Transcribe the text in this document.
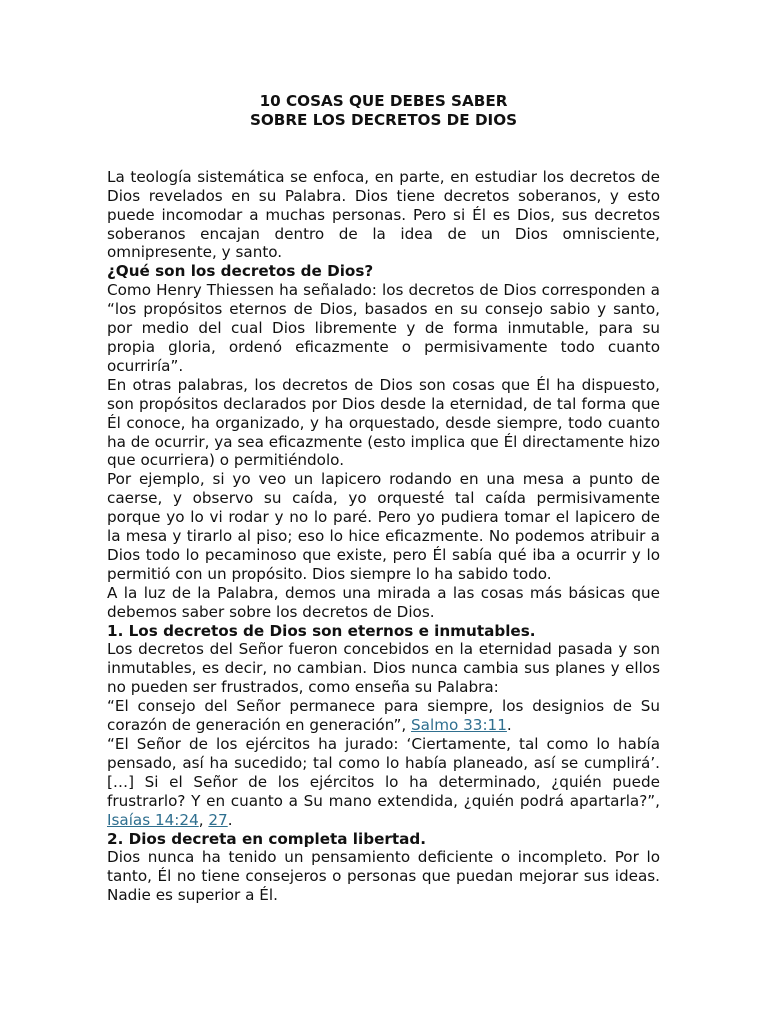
10 COSAS QUE DEBES SABER
SOBRE LOS DECRETOS DE DIOS

La teología sistemática se enfoca, en parte, en estudiar los decretos de Dios revelados en su Palabra. Dios tiene decretos soberanos, y esto puede incomodar a muchas personas. Pero si Él es Dios, sus decretos soberanos encajan dentro de la idea de un Dios omnisciente, omnipresente, y santo.

¿Qué son los decretos de Dios?

Como Henry Thiessen ha señalado: los decretos de Dios corresponden a “los propósitos eternos de Dios, basados en su consejo sabio y santo, por medio del cual Dios libremente y de forma inmutable, para su propia gloria, ordenó eficazmente o permisivamente todo cuanto ocurriría”.

En otras palabras, los decretos de Dios son cosas que Él ha dispuesto, son propósitos declarados por Dios desde la eternidad, de tal forma que Él conoce, ha organizado, y ha orquestado, desde siempre, todo cuanto ha de ocurrir, ya sea eficazmente (esto implica que Él directamente hizo que ocurriera) o permitiéndolo.

Por ejemplo, si yo veo un lapicero rodando en una mesa a punto de caerse, y observo su caída, yo orquesté tal caída permisivamente porque yo lo vi rodar y no lo paré. Pero yo pudiera tomar el lapicero de la mesa y tirarlo al piso; eso lo hice eficazmente. No podemos atribuir a Dios todo lo pecaminoso que existe, pero Él sabía qué iba a ocurrir y lo permitió con un propósito. Dios siempre lo ha sabido todo.

A la luz de la Palabra, demos una mirada a las cosas más básicas que debemos saber sobre los decretos de Dios.

1. Los decretos de Dios son eternos e inmutables.

Los decretos del Señor fueron concebidos en la eternidad pasada y son inmutables, es decir, no cambian. Dios nunca cambia sus planes y ellos no pueden ser frustrados, como enseña su Palabra:

“El consejo del Señor permanece para siempre, los designios de Su corazón de generación en generación”, Salmo 33:11.

“El Señor de los ejércitos ha jurado: ‘Ciertamente, tal como lo había pensado, así ha sucedido; tal como lo había planeado, así se cumplirá’. […] Si el Señor de los ejércitos lo ha determinado, ¿quién puede frustrarlo? Y en cuanto a Su mano extendida, ¿quién podrá apartarla?”, Isaías 14:24, 27.

2. Dios decreta en completa libertad.

Dios nunca ha tenido un pensamiento deficiente o incompleto. Por lo tanto, Él no tiene consejeros o personas que puedan mejorar sus ideas. Nadie es superior a Él.
